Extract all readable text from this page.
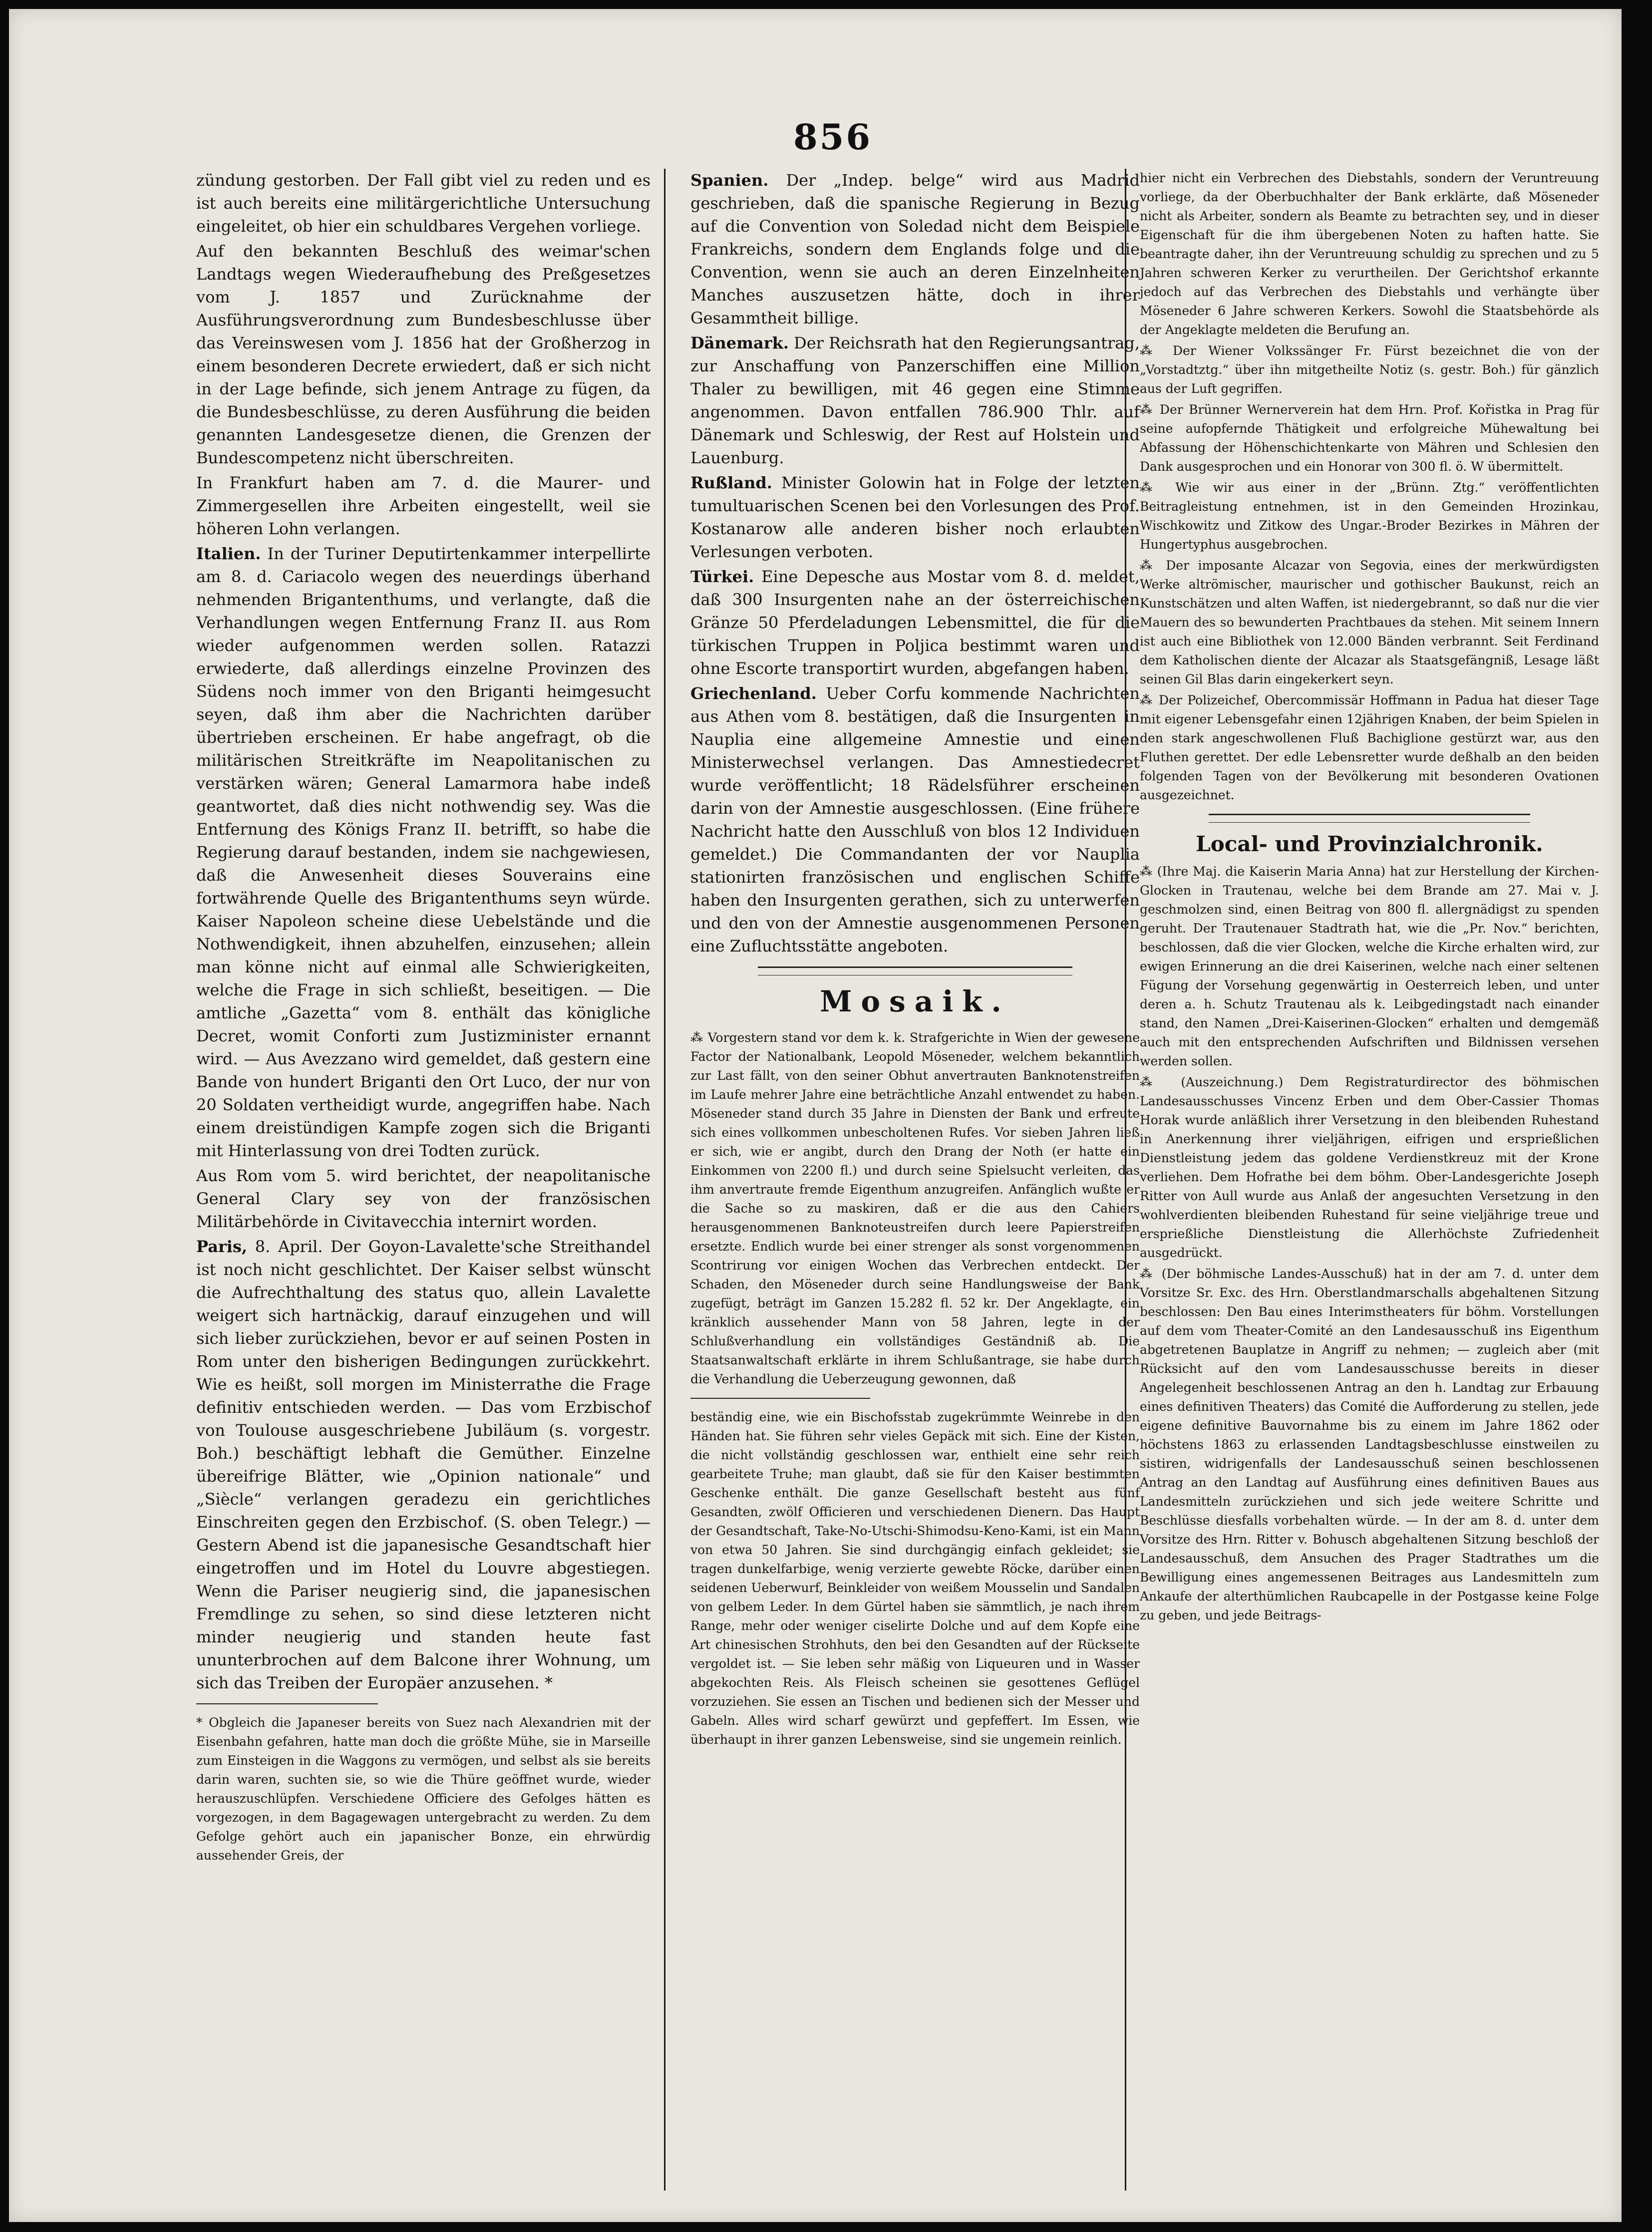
856

zündung gestorben. Der Fall gibt viel zu reden und es ist auch bereits eine militärgerichtliche Untersuchung eingeleitet, ob hier ein schuldbares Vergehen vorliege.

Auf den bekannten Beschluß des weimar'schen Landtags wegen Wiederaufhebung des Preßgesetzes vom J. 1857 und Zurücknahme der Ausführungsverordnung zum Bundesbeschlusse über das Vereinswesen vom J. 1856 hat der Großherzog in einem besonderen Decrete erwiedert, daß er sich nicht in der Lage befinde, sich jenem Antrage zu fügen, da die Bundesbeschlüsse, zu deren Ausführung die beiden genannten Landesgesetze dienen, die Grenzen der Bundescompetenz nicht überschreiten.

In Frankfurt haben am 7. d. die Maurer- und Zimmergesellen ihre Arbeiten eingestellt, weil sie höheren Lohn verlangen.

Italien. In der Turiner Deputirtenkammer interpellirte am 8. d. Cariacolo wegen des neuerdings überhand nehmenden Brigantenthums, und verlangte, daß die Verhandlungen wegen Entfernung Franz II. aus Rom wieder aufgenommen werden sollen. Ratazzi erwiederte, daß allerdings einzelne Provinzen des Südens noch immer von den Briganti heimgesucht seyen, daß ihm aber die Nachrichten darüber übertrieben erscheinen. Er habe angefragt, ob die militärischen Streitkräfte im Neapolitanischen zu verstärken wären; General Lamarmora habe indeß geantwortet, daß dies nicht nothwendig sey. Was die Entfernung des Königs Franz II. betrifft, so habe die Regierung darauf bestanden, indem sie nachgewiesen, daß die Anwesenheit dieses Souverains eine fortwährende Quelle des Brigantenthums seyn würde. Kaiser Napoleon scheine diese Uebelstände und die Nothwendigkeit, ihnen abzuhelfen, einzusehen; allein man könne nicht auf einmal alle Schwierigkeiten, welche die Frage in sich schließt, beseitigen. — Die amtliche „Gazetta“ vom 8. enthält das königliche Decret, womit Conforti zum Justizminister ernannt wird. — Aus Avezzano wird gemeldet, daß gestern eine Bande von hundert Briganti den Ort Luco, der nur von 20 Soldaten vertheidigt wurde, angegriffen habe. Nach einem dreistündigen Kampfe zogen sich die Briganti mit Hinterlassung von drei Todten zurück.

Aus Rom vom 5. wird berichtet, der neapolitanische General Clary sey von der französischen Militärbehörde in Civitavecchia internirt worden.

Paris, 8. April. Der Goyon-Lavalette'sche Streithandel ist noch nicht geschlichtet. Der Kaiser selbst wünscht die Aufrechthaltung des status quo, allein Lavalette weigert sich hartnäckig, darauf einzugehen und will sich lieber zurückziehen, bevor er auf seinen Posten in Rom unter den bisherigen Bedingungen zurückkehrt. Wie es heißt, soll morgen im Ministerrathe die Frage definitiv entschieden werden. — Das vom Erzbischof von Toulouse ausgeschriebene Jubiläum (s. vorgestr. Boh.) beschäftigt lebhaft die Gemüther. Einzelne übereifrige Blätter, wie „Opinion nationale“ und „Siècle“ verlangen geradezu ein gerichtliches Einschreiten gegen den Erzbischof. (S. oben Telegr.) — Gestern Abend ist die japanesische Gesandtschaft hier eingetroffen und im Hotel du Louvre abgestiegen. Wenn die Pariser neugierig sind, die japanesischen Fremdlinge zu sehen, so sind diese letzteren nicht minder neugierig und standen heute fast ununterbrochen auf dem Balcone ihrer Wohnung, um sich das Treiben der Europäer anzusehen. *

* Obgleich die Japaneser bereits von Suez nach Alexandrien mit der Eisenbahn gefahren, hatte man doch die größte Mühe, sie in Marseille zum Einsteigen in die Waggons zu vermögen, und selbst als sie bereits darin waren, suchten sie, so wie die Thüre geöffnet wurde, wieder herauszuschlüpfen. Verschiedene Officiere des Gefolges hätten es vorgezogen, in dem Bagagewagen untergebracht zu werden. Zu dem Gefolge gehört auch ein japanischer Bonze, ein ehrwürdig aussehender Greis, der

Spanien. Der „Indep. belge“ wird aus Madrid geschrieben, daß die spanische Regierung in Bezug auf die Convention von Soledad nicht dem Beispiele Frankreichs, sondern dem Englands folge und die Convention, wenn sie auch an deren Einzelnheiten Manches auszusetzen hätte, doch in ihrer Gesammtheit billige.

Dänemark. Der Reichsrath hat den Regierungsantrag, zur Anschaffung von Panzerschiffen eine Million Thaler zu bewilligen, mit 46 gegen eine Stimme angenommen. Davon entfallen 786.900 Thlr. auf Dänemark und Schleswig, der Rest auf Holstein und Lauenburg.

Rußland. Minister Golowin hat in Folge der letzten tumultuarischen Scenen bei den Vorlesungen des Prof. Kostanarow alle anderen bisher noch erlaubten Verlesungen verboten.

Türkei. Eine Depesche aus Mostar vom 8. d. meldet, daß 300 Insurgenten nahe an der österreichischen Gränze 50 Pferdeladungen Lebensmittel, die für die türkischen Truppen in Poljica bestimmt waren und ohne Escorte transportirt wurden, abgefangen haben.

Griechenland. Ueber Corfu kommende Nachrichten aus Athen vom 8. bestätigen, daß die Insurgenten in Nauplia eine allgemeine Amnestie und einen Ministerwechsel verlangen. Das Amnestiedecret wurde veröffentlicht; 18 Rädelsführer erscheinen darin von der Amnestie ausgeschlossen. (Eine frühere Nachricht hatte den Ausschluß von blos 12 Individuen gemeldet.) Die Commandanten der vor Nauplia stationirten französischen und englischen Schiffe haben den Insurgenten gerathen, sich zu unterwerfen und den von der Amnestie ausgenommenen Personen eine Zufluchtsstätte angeboten.

Mosaik.

⁂ Vorgestern stand vor dem k. k. Strafgerichte in Wien der gewesene Factor der Nationalbank, Leopold Möseneder, welchem bekanntlich zur Last fällt, von den seiner Obhut anvertrauten Banknotenstreifen im Laufe mehrer Jahre eine beträchtliche Anzahl entwendet zu haben. Möseneder stand durch 35 Jahre in Diensten der Bank und erfreute sich eines vollkommen unbescholtenen Rufes. Vor sieben Jahren ließ er sich, wie er angibt, durch den Drang der Noth (er hatte ein Einkommen von 2200 fl.) und durch seine Spielsucht verleiten, das ihm anvertraute fremde Eigenthum anzugreifen. Anfänglich wußte er die Sache so zu maskiren, daß er die aus den Cahiers herausgenommenen Banknoteustreifen durch leere Papierstreifen ersetzte. Endlich wurde bei einer strenger als sonst vorgenommenen Scontrirung vor einigen Wochen das Verbrechen entdeckt. Der Schaden, den Möseneder durch seine Handlungsweise der Bank zugefügt, beträgt im Ganzen 15.282 fl. 52 kr. Der Angeklagte, ein kränklich aussehender Mann von 58 Jahren, legte in der Schlußverhandlung ein vollständiges Geständniß ab. Die Staatsanwaltschaft erklärte in ihrem Schlußantrage, sie habe durch die Verhandlung die Ueberzeugung gewonnen, daß

beständig eine, wie ein Bischofsstab zugekrümmte Weinrebe in den Händen hat. Sie führen sehr vieles Gepäck mit sich. Eine der Kisten, die nicht vollständig geschlossen war, enthielt eine sehr reich gearbeitete Truhe; man glaubt, daß sie für den Kaiser bestimmten Geschenke enthält. Die ganze Gesellschaft besteht aus fünf Gesandten, zwölf Officieren und verschiedenen Dienern. Das Haupt der Gesandtschaft, Take-No-Utschi-Shimodsu-Keno-Kami, ist ein Mann von etwa 50 Jahren. Sie sind durchgängig einfach gekleidet; sie tragen dunkelfarbige, wenig verzierte gewebte Röcke, darüber einen seidenen Ueberwurf, Beinkleider von weißem Mousselin und Sandalen von gelbem Leder. In dem Gürtel haben sie sämmtlich, je nach ihrem Range, mehr oder weniger ciselirte Dolche und auf dem Kopfe eine Art chinesischen Strohhuts, den bei den Gesandten auf der Rückseite vergoldet ist. — Sie leben sehr mäßig von Liqueuren und in Wasser abgekochten Reis. Als Fleisch scheinen sie gesottenes Geflügel vorzuziehen. Sie essen an Tischen und bedienen sich der Messer und Gabeln. Alles wird scharf gewürzt und gepfeffert. Im Essen, wie überhaupt in ihrer ganzen Lebensweise, sind sie ungemein reinlich.

hier nicht ein Verbrechen des Diebstahls, sondern der Veruntreuung vorliege, da der Oberbuchhalter der Bank erklärte, daß Möseneder nicht als Arbeiter, sondern als Beamte zu betrachten sey, und in dieser Eigenschaft für die ihm übergebenen Noten zu haften hatte. Sie beantragte daher, ihn der Veruntreuung schuldig zu sprechen und zu 5 Jahren schweren Kerker zu verurtheilen. Der Gerichtshof erkannte jedoch auf das Verbrechen des Diebstahls und verhängte über Möseneder 6 Jahre schweren Kerkers. Sowohl die Staatsbehörde als der Angeklagte meldeten die Berufung an.

⁂ Der Wiener Volkssänger Fr. Fürst bezeichnet die von der „Vorstadtztg.“ über ihn mitgetheilte Notiz (s. gestr. Boh.) für gänzlich aus der Luft gegriffen.

⁂ Der Brünner Wernerverein hat dem Hrn. Prof. Kořistka in Prag für seine aufopfernde Thätigkeit und erfolgreiche Mühewaltung bei Abfassung der Höhenschichtenkarte von Mähren und Schlesien den Dank ausgesprochen und ein Honorar von 300 fl. ö. W übermittelt.

⁂ Wie wir aus einer in der „Brünn. Ztg.“ veröffentlichten Beitragleistung entnehmen, ist in den Gemeinden Hrozinkau, Wischkowitz und Zitkow des Ungar.-Broder Bezirkes in Mähren der Hungertyphus ausgebrochen.

⁂ Der imposante Alcazar von Segovia, eines der merkwürdigsten Werke altrömischer, maurischer und gothischer Baukunst, reich an Kunstschätzen und alten Waffen, ist niedergebrannt, so daß nur die vier Mauern des so bewunderten Prachtbaues da stehen. Mit seinem Innern ist auch eine Bibliothek von 12.000 Bänden verbrannt. Seit Ferdinand dem Katholischen diente der Alcazar als Staatsgefängniß, Lesage läßt seinen Gil Blas darin eingekerkert seyn.

⁂ Der Polizeichef, Obercommissär Hoffmann in Padua hat dieser Tage mit eigener Lebensgefahr einen 12jährigen Knaben, der beim Spielen in den stark angeschwollenen Fluß Bachiglione gestürzt war, aus den Fluthen gerettet. Der edle Lebensretter wurde deßhalb an den beiden folgenden Tagen von der Bevölkerung mit besonderen Ovationen ausgezeichnet.

Local- und Provinzialchronik.

⁂ (Ihre Maj. die Kaiserin Maria Anna) hat zur Herstellung der Kirchen-Glocken in Trautenau, welche bei dem Brande am 27. Mai v. J. geschmolzen sind, einen Beitrag von 800 fl. allergnädigst zu spenden geruht. Der Trautenauer Stadtrath hat, wie die „Pr. Nov.“ berichten, beschlossen, daß die vier Glocken, welche die Kirche erhalten wird, zur ewigen Erinnerung an die drei Kaiserinen, welche nach einer seltenen Fügung der Vorsehung gegenwärtig in Oesterreich leben, und unter deren a. h. Schutz Trautenau als k. Leibgedingstadt nach einander stand, den Namen „Drei-Kaiserinen-Glocken“ erhalten und demgemäß auch mit den entsprechenden Aufschriften und Bildnissen versehen werden sollen.

⁂ (Auszeichnung.) Dem Registraturdirector des böhmischen Landesausschusses Vincenz Erben und dem Ober-Cassier Thomas Horak wurde anläßlich ihrer Versetzung in den bleibenden Ruhestand in Anerkennung ihrer vieljährigen, eifrigen und ersprießlichen Dienstleistung jedem das goldene Verdienstkreuz mit der Krone verliehen. Dem Hofrathe bei dem böhm. Ober-Landesgerichte Joseph Ritter von Aull wurde aus Anlaß der angesuchten Versetzung in den wohlverdienten bleibenden Ruhestand für seine vieljährige treue und ersprießliche Dienstleistung die Allerhöchste Zufriedenheit ausgedrückt.

⁂ (Der böhmische Landes-Ausschuß) hat in der am 7. d. unter dem Vorsitze Sr. Exc. des Hrn. Oberstlandmarschalls abgehaltenen Sitzung beschlossen: Den Bau eines Interimstheaters für böhm. Vorstellungen auf dem vom Theater-Comité an den Landesausschuß ins Eigenthum abgetretenen Bauplatze in Angriff zu nehmen; — zugleich aber (mit Rücksicht auf den vom Landesausschusse bereits in dieser Angelegenheit beschlossenen Antrag an den h. Landtag zur Erbauung eines definitiven Theaters) das Comité die Aufforderung zu stellen, jede eigene definitive Bauvornahme bis zu einem im Jahre 1862 oder höchstens 1863 zu erlassenden Landtagsbeschlusse einstweilen zu sistiren, widrigenfalls der Landesausschuß seinen beschlossenen Antrag an den Landtag auf Ausführung eines definitiven Baues aus Landesmitteln zurückziehen und sich jede weitere Schritte und Beschlüsse diesfalls vorbehalten würde. — In der am 8. d. unter dem Vorsitze des Hrn. Ritter v. Bohusch abgehaltenen Sitzung beschloß der Landesausschuß, dem Ansuchen des Prager Stadtrathes um die Bewilligung eines angemessenen Beitrages aus Landesmitteln zum Ankaufe der alterthümlichen Raubcapelle in der Postgasse keine Folge zu geben, und jede Beitrags-
